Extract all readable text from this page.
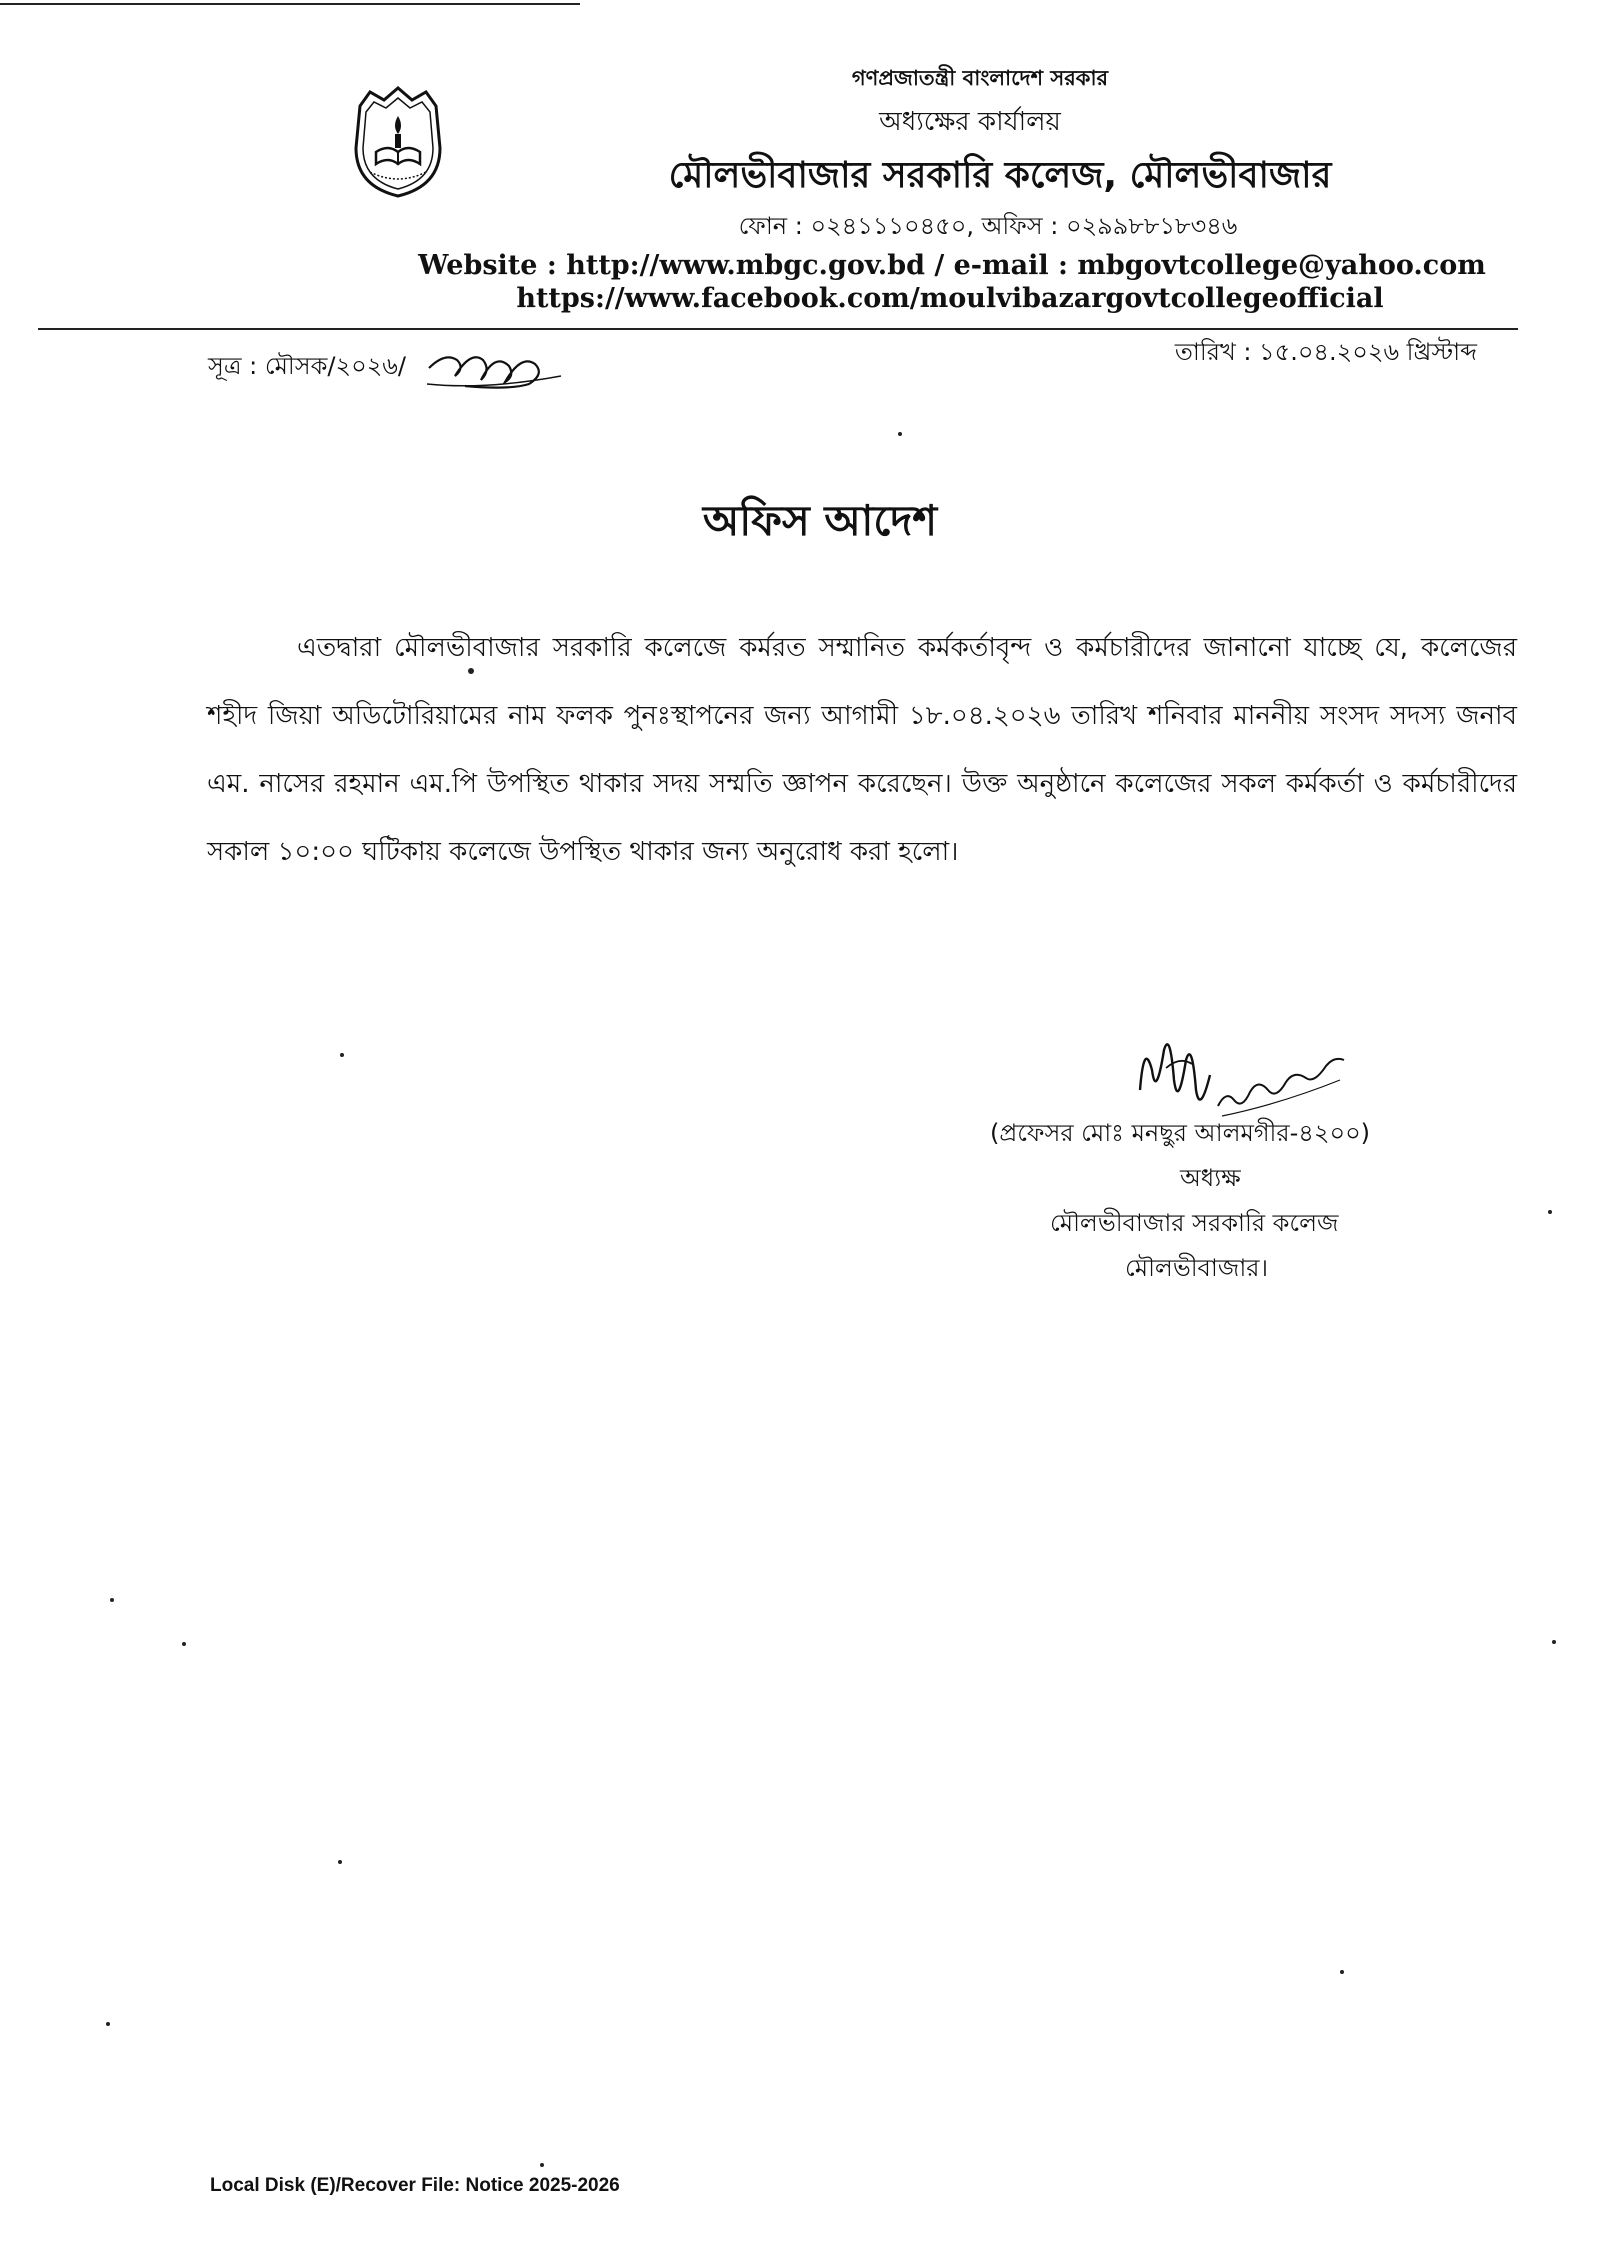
গণপ্রজাতন্ত্রী বাংলাদেশ সরকার
অধ্যক্ষের কার্যালয়
মৌলভীবাজার সরকারি কলেজ, মৌলভীবাজার
ফোন : ০২৪১১১০৪৫০, অফিস : ০২৯৯৮৮১৮৩৪৬
Website : http://www.mbgc.gov.bd / e-mail : mbgovtcollege@yahoo.com
https://www.facebook.com/moulvibazargovtcollegeofficial
সূত্র : মৌসক/২০২৬/	তারিখ : ১৫.০৪.২০২৬ খ্রিস্টাব্দ
অফিস আদেশ

এতদ্বারা মৌলভীবাজার সরকারি কলেজে কর্মরত সম্মানিত কর্মকর্তাবৃন্দ ও কর্মচারীদের জানানো যাচ্ছে যে, কলেজের শহীদ জিয়া অডিটোরিয়ামের নাম ফলক পুনঃস্থাপনের জন্য আগামী ১৮.০৪.২০২৬ তারিখ শনিবার মাননীয় সংসদ সদস্য জনাব এম. নাসের রহমান এম.পি উপস্থিত থাকার সদয় সম্মতি জ্ঞাপন করেছেন। উক্ত অনুষ্ঠানে কলেজের সকল কর্মকর্তা ও কর্মচারীদের সকাল ১০:০০ ঘটিকায় কলেজে উপস্থিত থাকার জন্য অনুরোধ করা হলো।

(প্রফেসর মোঃ মনছুর আলমগীর-৪২০০)
অধ্যক্ষ
মৌলভীবাজার সরকারি কলেজ
মৌলভীবাজার।
Local Disk (E)/Recover File: Notice 2025-2026
